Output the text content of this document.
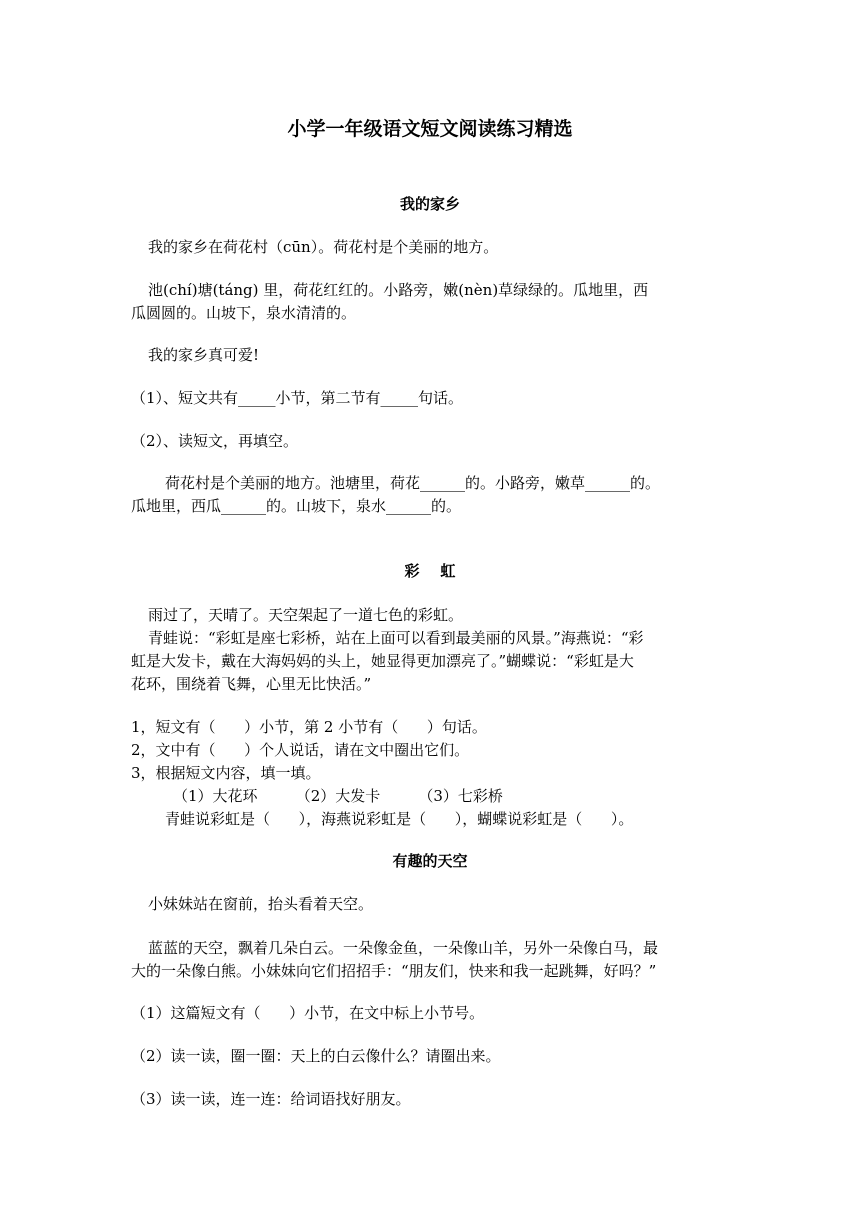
小学一年级语文短文阅读练习精选
我的家乡
我的家乡在荷花村（cūn）。荷花村是个美丽的地方。
池(chí)塘(táng) 里，荷花红红的。小路旁，嫩(nèn)草绿绿的。瓜地里，西
瓜圆圆的。山坡下，泉水清清的。
我的家乡真可爱!
（1）、短文共有_____小节，第二节有_____句话。
（2）、读短文，再填空。
荷花村是个美丽的地方。池塘里，荷花______的。小路旁，嫩草______的。
瓜地里，西瓜______的。山坡下，泉水______的。
彩    虹
雨过了，天晴了。天空架起了一道七色的彩虹。
青蛙说：“彩虹是座七彩桥，站在上面可以看到最美丽的风景。”海燕说：“彩
虹是大发卡，戴在大海妈妈的头上，她显得更加漂亮了。”蝴蝶说：“彩虹是大
花环，围绕着飞舞，心里无比快活。”
1，短文有（      ）小节，第 2 小节有（      ）句话。
2，文中有（      ）个人说话，请在文中圈出它们。
3，根据短文内容，填一填。
（1）大花环        （2）大发卡        （3）七彩桥
青蛙说彩虹是（      ），海燕说彩虹是（      ），蝴蝶说彩虹是（      ）。
有趣的天空
小妹妹站在窗前，抬头看着天空。
蓝蓝的天空，飘着几朵白云。一朵像金鱼，一朵像山羊，另外一朵像白马，最
大的一朵像白熊。小妹妹向它们招招手：“朋友们，快来和我一起跳舞，好吗？”
（1）这篇短文有（      ）小节，在文中标上小节号。
（2）读一读，圈一圈：天上的白云像什么？请圈出来。
（3）读一读，连一连：给词语找好朋友。
